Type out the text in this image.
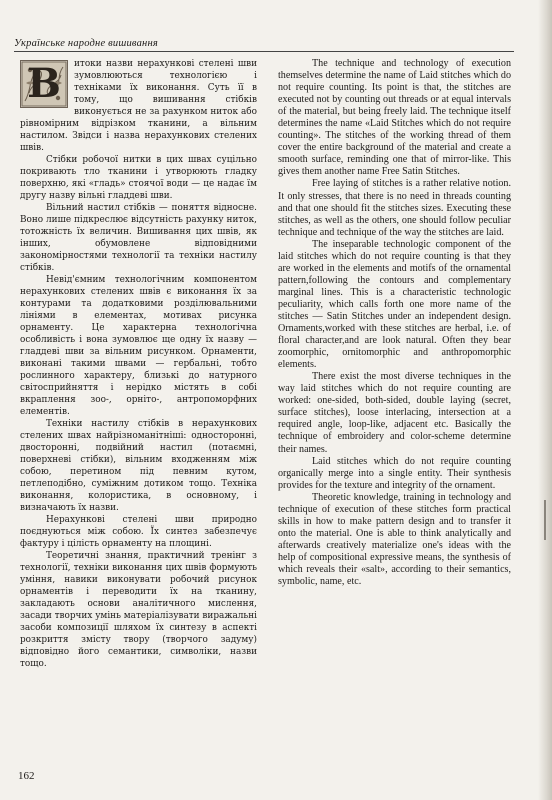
Українське народне вишивання
В	итоки назви нерахункові стелені шви зумовлюються технологією і техніками їх виконання. Суть її в тому, що вишивання стібків виконується не за рахунком ниток або рівномірним відрізком тканини, а вільним настилом. Звідси і назва нерахункових стелених швів.

Стібки робочої нитки в цих швах суцільно покривають тло тканини і утворюють гладку поверхню, які «гладь» стоячої води — це надає їм другу назву вільні гладдеві шви.

Вільний настил стібків — поняття відносне. Воно лише підкреслює відсутність рахунку ниток, тотожність їх величин. Вишивання цих швів, як інших, обумовлене відповідними закономірностями технології та техніки настилу стібків.

Невід'ємним технологічним компонентом нерахункових стелених швів є виконання їх за контурами та додатковими розділювальними лініями в елементах, мотивах рисунка орнаменту. Це характерна технологічна особливість і вона зумовлює ще одну їх назву — гладдеві шви за вільним рисунком. Орнаменти, виконані такими швами — гербальні, тобто рослинного характеру, близькі до натурного світосприйняття і нерідко містять в собі вкраплення зоо-, орніто-, антропоморфних елементів.

Техніки настилу стібків в нерахункових стелених швах найрізноманітніші: односторонні, двосторонні, подвійний настил (потаємні, поверхневі стібки), вільним входженням між собою, перетином під певним кутом, петлеподібно, суміжним дотиком тощо. Техніка виконання, колористика, в основному, і визначають їх назви.

Нерахункові стелені шви природно поєднуються між собою. Їх синтез забезпечує фактуру і цілість орнаменту на площині.

Теоретичні знання, практичний тренінг з технології, техніки виконання цих швів формують уміння, навики виконувати робочий рисунок орнаментів і переводити їх на тканину, закладають основи аналітичного мислення, засади творчих умінь матеріалізувати виражальні засоби композиції шляхом їх синтезу в аспекті розкриття змісту твору (творчого задуму) відповідно його семантики, символіки, назви тощо.

The technique and technology of execution themselves determine the name of Laid stitches which do not require counting. Its point is that, the stitches are executed not by counting out threads or at equal intervals of the material, but being freely laid. The technique itself determines the name «Laid Stitches which do not require counting». The stitches of the working thread of them cover the entire background of the material and create a smooth surface, reminding one that of mirror-like. This gives them another name Free Satin Stitches.

Free laying of stitches is a rather relative notion. It only stresses, that there is no need in threads counting and that one should fit the stitches sizes. Executing these stitches, as well as the others, one should follow peculiar technique and technique of the way the stitches are laid.

The inseparable technologic component of the laid stitches which do not require counting is that they are worked in the elements and motifs of the ornamental pattern,following the contours and complementary marginal lines. This is a characteristic technologic peculiarity, which calls forth one more name of the stitches — Satin Stitches under an independent design. Ornaments,worked with these stitches are herbal, i.e. of floral character,and are look natural. Often they bear zoomorphic, ornitomorphic and anthropomorphic elements.

There exist the most diverse techniques in the way laid stitches which do not require counting are worked: one-sided, both-sided, double laying (secret, surface stitches), loose interlacing, intersection at a required angle, loop-like, adjacent etc. Basically the technique of embroidery and color-scheme determine their names.

Laid stitches which do not require counting organically merge into a single entity. Their synthesis provides for the texture and integrity of the ornament.

Theoretic knowledge, training in technology and technique of execution of these stitches form practical skills in how to make pattern design and to transfer it onto the material. One is able to think analytically and afterwards creatively materialize one's ideas with the help of compositional expressive means, the synthesis of which reveals their «salt», according to their semantics, symbolic, name, etc.

162
